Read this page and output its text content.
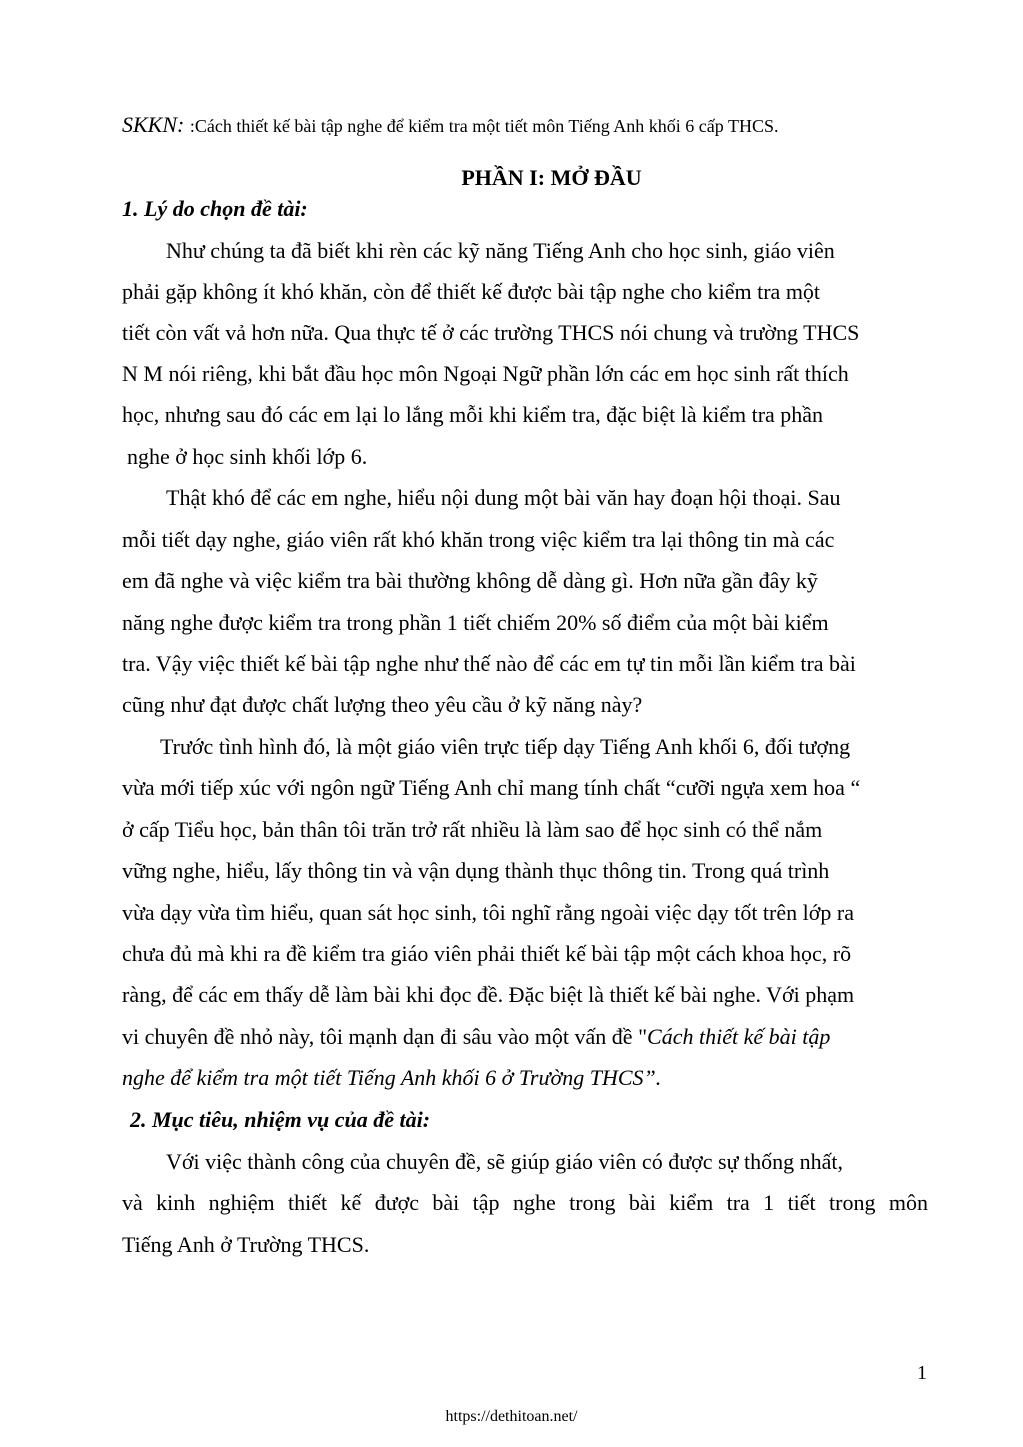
SKKN: :Cách thiết kế bài tập nghe để kiểm tra một tiết môn Tiếng Anh khối 6 cấp THCS.
PHẦN I: MỞ ĐẦU
1. Lý do chọn đề tài:
Như chúng ta đã biết khi rèn các kỹ năng Tiếng Anh cho học sinh, giáo viên
phải gặp không ít khó khăn, còn để thiết kế được bài tập nghe cho kiểm tra một
tiết còn vất vả hơn nữa. Qua thực tế ở các trường THCS nói chung và trường THCS
N M nói riêng, khi bắt đầu học môn Ngoại Ngữ phần lớn các em học sinh rất thích
học, nhưng sau đó các em lại lo lắng mỗi khi kiểm tra, đặc biệt là kiểm tra phần
nghe ở học sinh khối lớp 6.
Thật khó để các em nghe, hiểu nội dung một bài văn hay đoạn hội thoại. Sau
mỗi tiết dạy nghe, giáo viên rất khó khăn trong việc kiểm tra lại thông tin mà các
em đã nghe và việc kiểm tra bài thường không dễ dàng gì. Hơn nữa gần đây kỹ
năng nghe được kiểm tra trong phần 1 tiết chiếm 20% số điểm của một bài kiểm
tra. Vậy việc thiết kế bài tập nghe như thế nào để các em tự tin mỗi lần kiểm tra bài
cũng như đạt được chất lượng theo yêu cầu ở kỹ năng này?
Trước tình hình đó, là một giáo viên trực tiếp dạy Tiếng Anh khối 6, đối tượng
vừa mới tiếp xúc với ngôn ngữ Tiếng Anh chỉ mang tính chất “cưỡi ngựa xem hoa “
ở cấp Tiểu học, bản thân tôi trăn trở rất nhiều là làm sao để học sinh có thể nắm
vững nghe, hiểu, lấy thông tin và vận dụng thành thục thông tin. Trong quá trình
vừa dạy vừa tìm hiểu, quan sát học sinh, tôi nghĩ rằng ngoài việc dạy tốt trên lớp ra
chưa đủ mà khi ra đề kiểm tra giáo viên phải thiết kế bài tập một cách khoa học, rõ
ràng, để các em thấy dễ làm bài khi đọc đề. Đặc biệt là thiết kế bài nghe. Với phạm
vi chuyên đề nhỏ này, tôi mạnh dạn đi sâu vào một vấn đề "Cách thiết kế bài tập
nghe để kiểm tra một tiết Tiếng Anh khối 6 ở Trường THCS”.
2. Mục tiêu, nhiệm vụ của đề tài:
Với việc thành công của chuyên đề, sẽ giúp giáo viên có được sự thống nhất,
và kinh nghiệm thiết kế được bài tập nghe trong bài kiểm tra 1 tiết trong môn
Tiếng Anh ở Trường THCS.
1
https://dethitoan.net/
